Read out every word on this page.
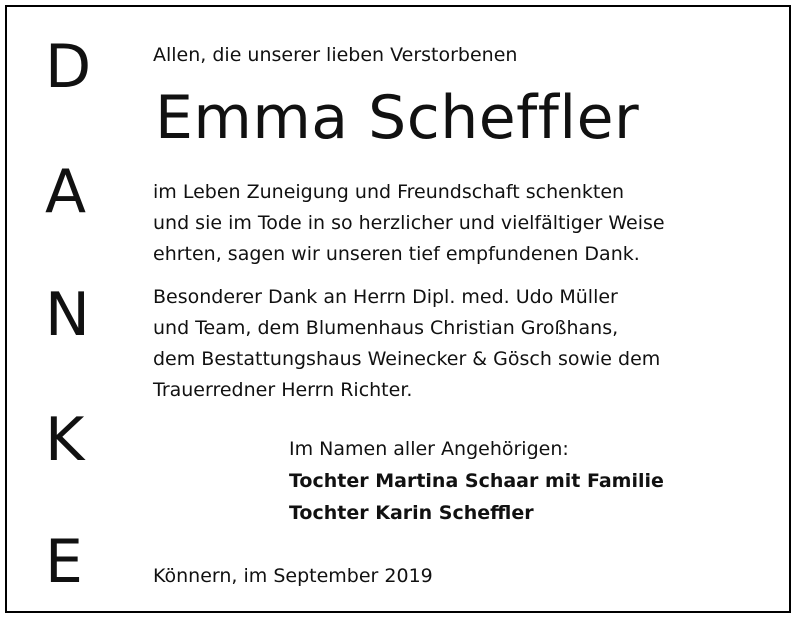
D
A
N
K
E
Allen, die unserer lieben Verstorbenen
Emma Scheffler
im Leben Zuneigung und Freundschaft schenkten
und sie im Tode in so herzlicher und vielfältiger Weise
ehrten, sagen wir unseren tief empfundenen Dank.
Besonderer Dank an Herrn Dipl. med. Udo Müller
und Team, dem Blumenhaus Christian Großhans,
dem Bestattungshaus Weinecker & Gösch sowie dem
Trauerredner Herrn Richter.
Im Namen aller Angehörigen:
Tochter Martina Schaar mit Familie
Tochter Karin Scheffler
Könnern, im September 2019
